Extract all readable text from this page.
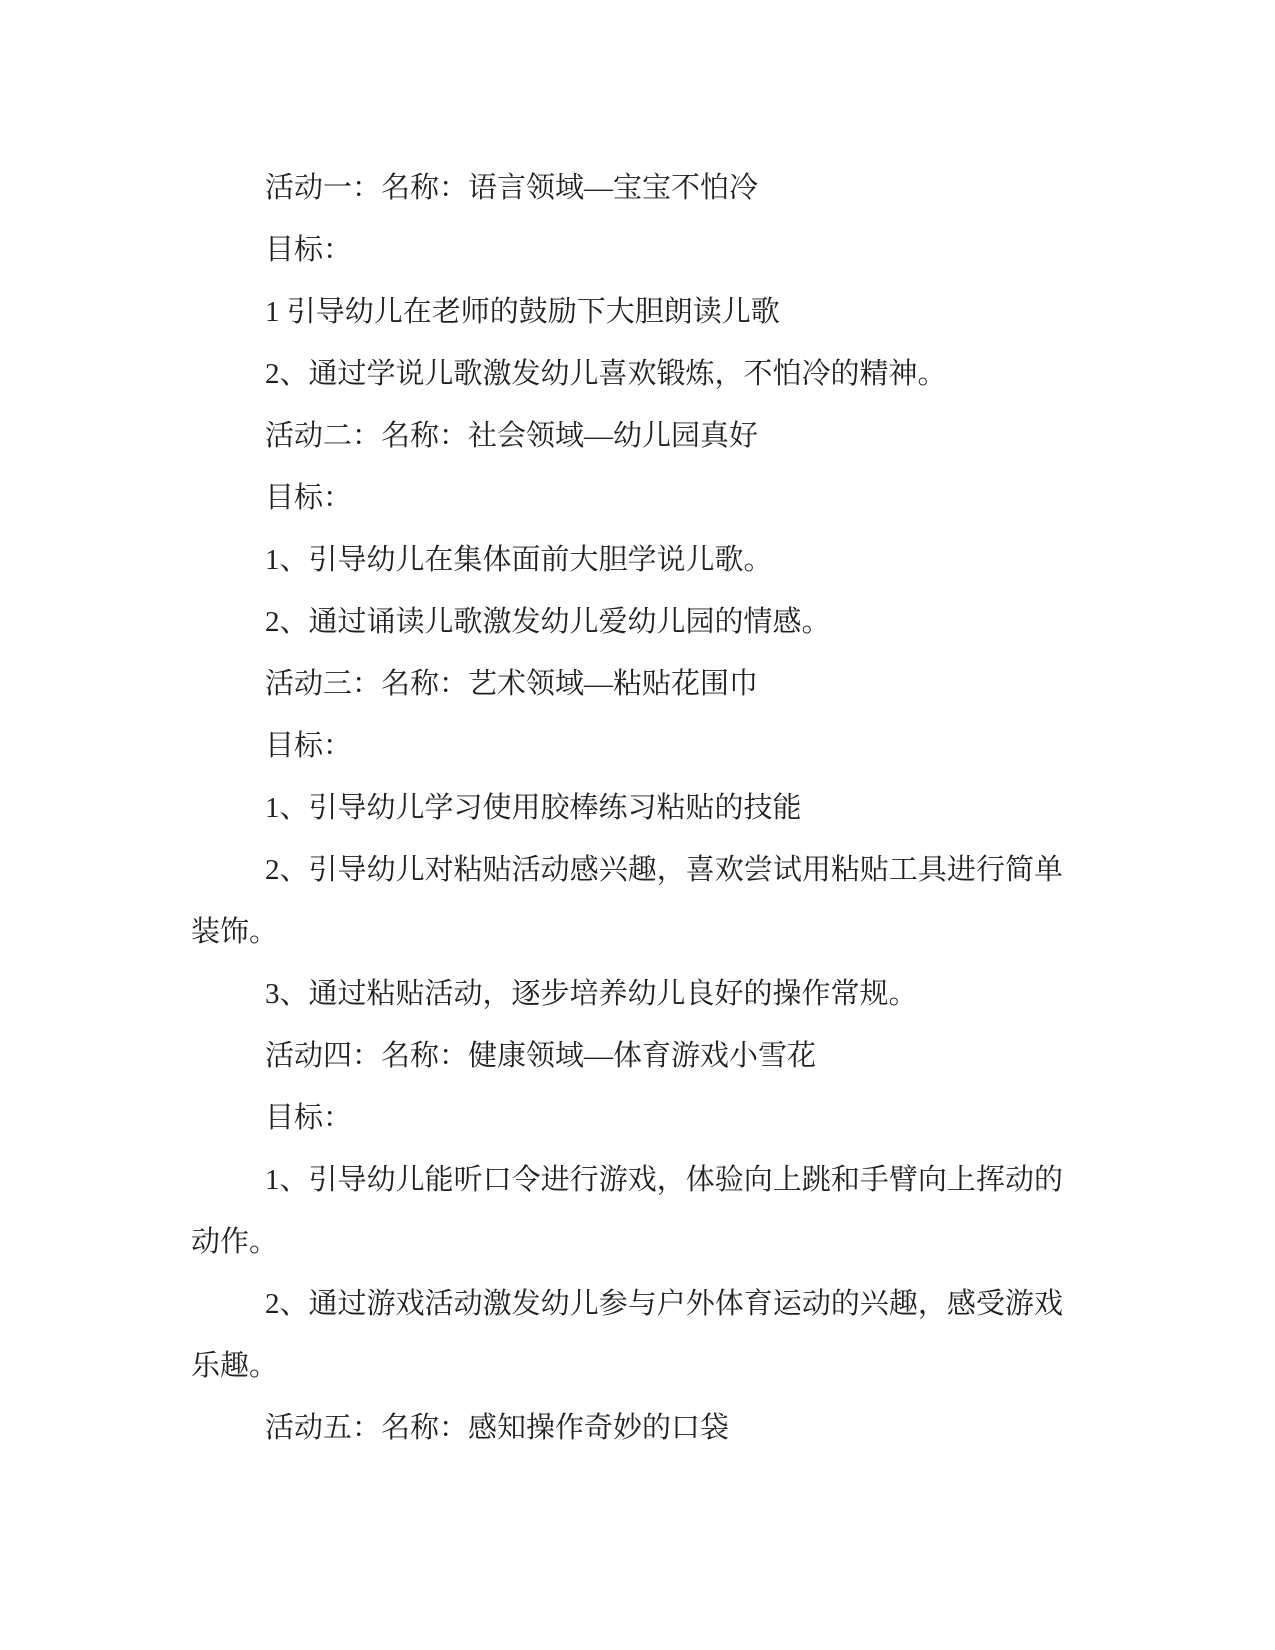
活动一：名称：语言领域—宝宝不怕冷
目标：
1 引导幼儿在老师的鼓励下大胆朗读儿歌
2、通过学说儿歌激发幼儿喜欢锻炼，不怕冷的精神。
活动二：名称：社会领域—幼儿园真好
目标：
1、引导幼儿在集体面前大胆学说儿歌。
2、通过诵读儿歌激发幼儿爱幼儿园的情感。
活动三：名称：艺术领域—粘贴花围巾
目标：
1、引导幼儿学习使用胶棒练习粘贴的技能
2、引导幼儿对粘贴活动感兴趣，喜欢尝试用粘贴工具进行简单
装饰。
3、通过粘贴活动，逐步培养幼儿良好的操作常规。
活动四：名称：健康领域—体育游戏小雪花
目标：
1、引导幼儿能听口令进行游戏，体验向上跳和手臂向上挥动的
动作。
2、通过游戏活动激发幼儿参与户外体育运动的兴趣，感受游戏
乐趣。
活动五：名称：感知操作奇妙的口袋
